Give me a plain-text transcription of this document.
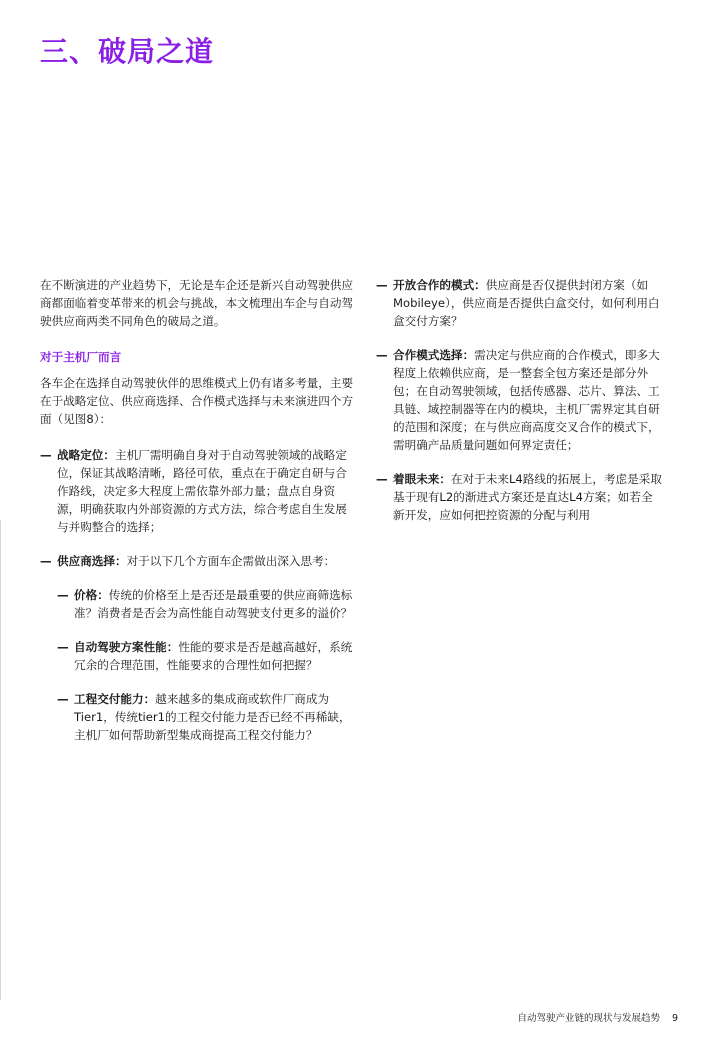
三、破局之道

在不断演进的产业趋势下，无论是车企还是新兴自动驾驶供应商都面临着变革带来的机会与挑战，本文梳理出车企与自动驾驶供应商两类不同角色的破局之道。

对于主机厂而言

各车企在选择自动驾驶伙伴的思维模式上仍有诸多考量，主要在于战略定位、供应商选择、合作模式选择与未来演进四个方面（见图8）：

— 战略定位：主机厂需明确自身对于自动驾驶领域的战略定位，保证其战略清晰，路径可依，重点在于确定自研与合作路线，决定多大程度上需依靠外部力量；盘点自身资源，明确获取内外部资源的方式方法，综合考虑自生发展与并购整合的选择；
— 供应商选择：对于以下几个方面车企需做出深入思考：
— 价格：传统的价格至上是否还是最重要的供应商筛选标准？消费者是否会为高性能自动驾驶支付更多的溢价？
— 自动驾驶方案性能：性能的要求是否是越高越好，系统冗余的合理范围，性能要求的合理性如何把握？
— 工程交付能力：越来越多的集成商或软件厂商成为Tier1，传统tier1的工程交付能力是否已经不再稀缺，主机厂如何帮助新型集成商提高工程交付能力？
— 开放合作的模式：供应商是否仅提供封闭方案（如Mobileye），供应商是否提供白盒交付，如何利用白盒交付方案？
— 合作模式选择：需决定与供应商的合作模式，即多大程度上依赖供应商，是一整套全包方案还是部分外包；在自动驾驶领域，包括传感器、芯片、算法、工具链、域控制器等在内的模块，主机厂需界定其自研的范围和深度；在与供应商高度交叉合作的模式下，需明确产品质量问题如何界定责任；
— 着眼未来：在对于未来L4路线的拓展上，考虑是采取基于现有L2的渐进式方案还是直达L4方案；如若全新开发，应如何把控资源的分配与利用
自动驾驶产业链的现状与发展趋势 9
